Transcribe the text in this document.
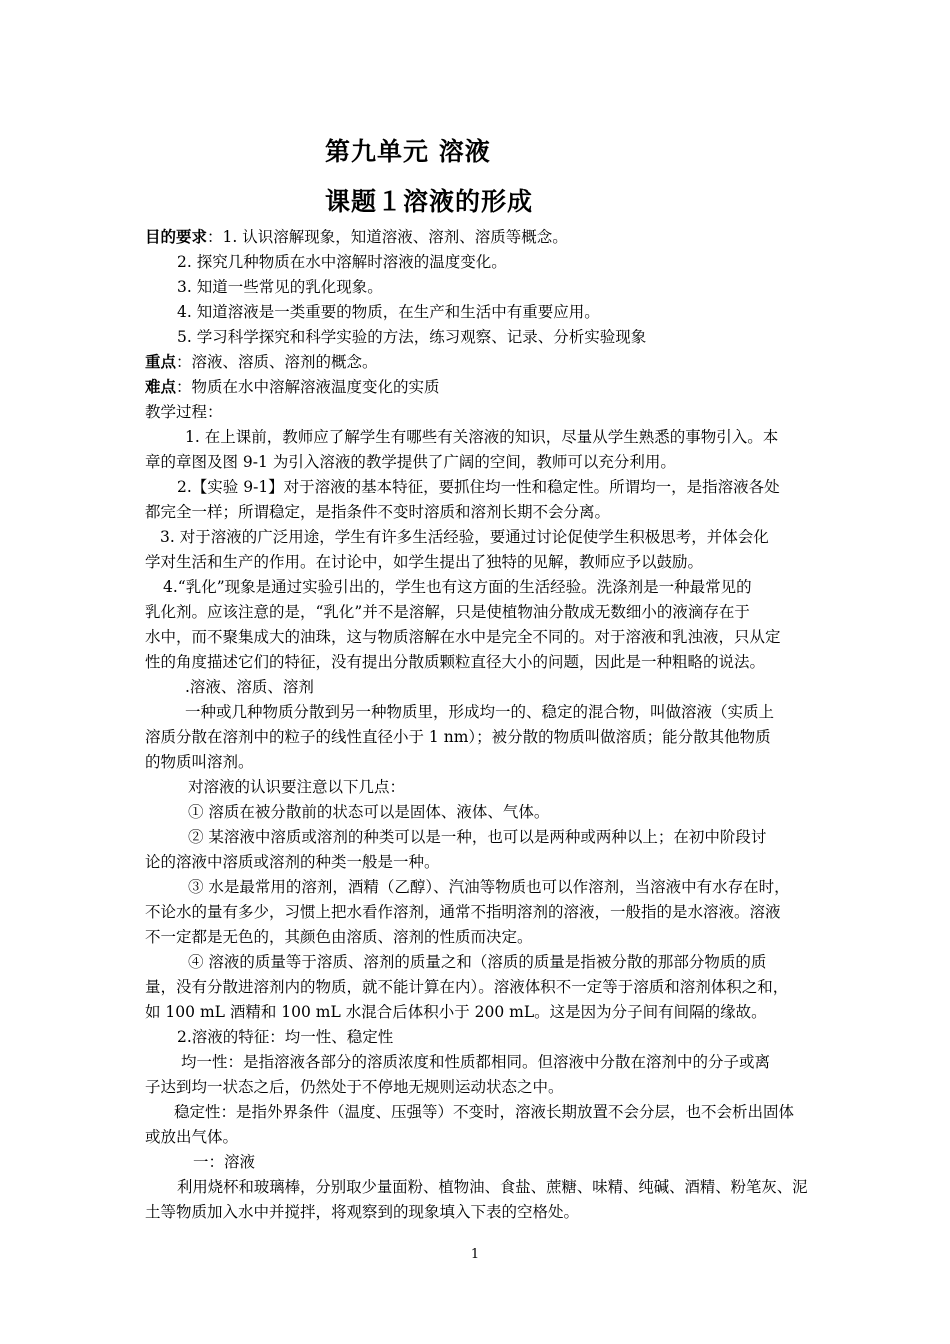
第九单元 溶液
课题１溶液的形成
目的要求：1. 认识溶解现象，知道溶液、溶剂、溶质等概念。
2. 探究几种物质在水中溶解时溶液的温度变化。
3. 知道一些常见的乳化现象。
4. 知道溶液是一类重要的物质，在生产和生活中有重要应用。
5. 学习科学探究和科学实验的方法，练习观察、记录、分析实验现象
重点：溶液、溶质、溶剂的概念。
难点：物质在水中溶解溶液温度变化的实质
教学过程：
1. 在上课前，教师应了解学生有哪些有关溶液的知识，尽量从学生熟悉的事物引入。本
章的章图及图 9-1 为引入溶液的教学提供了广阔的空间，教师可以充分利用。
2.【实验 9-1】对于溶液的基本特征，要抓住均一性和稳定性。所谓均一，是指溶液各处
都完全一样；所谓稳定，是指条件不变时溶质和溶剂长期不会分离。
3. 对于溶液的广泛用途，学生有许多生活经验，要通过讨论促使学生积极思考，并体会化
学对生活和生产的作用。在讨论中，如学生提出了独特的见解，教师应予以鼓励。
4.“乳化”现象是通过实验引出的，学生也有这方面的生活经验。洗涤剂是一种最常见的
乳化剂。应该注意的是，“乳化”并不是溶解，只是使植物油分散成无数细小的液滴存在于
水中，而不聚集成大的油珠，这与物质溶解在水中是完全不同的。对于溶液和乳浊液，只从定
性的角度描述它们的特征，没有提出分散质颗粒直径大小的问题，因此是一种粗略的说法。
.溶液、溶质、溶剂
一种或几种物质分散到另一种物质里，形成均一的、稳定的混合物，叫做溶液（实质上
溶质分散在溶剂中的粒子的线性直径小于 1 nm）；被分散的物质叫做溶质；能分散其他物质
的物质叫溶剂。
对溶液的认识要注意以下几点：
① 溶质在被分散前的状态可以是固体、液体、气体。
② 某溶液中溶质或溶剂的种类可以是一种，也可以是两种或两种以上；在初中阶段讨
论的溶液中溶质或溶剂的种类一般是一种。
③ 水是最常用的溶剂，酒精（乙醇）、汽油等物质也可以作溶剂，当溶液中有水存在时，
不论水的量有多少，习惯上把水看作溶剂，通常不指明溶剂的溶液，一般指的是水溶液。溶液
不一定都是无色的，其颜色由溶质、溶剂的性质而决定。
④ 溶液的质量等于溶质、溶剂的质量之和（溶质的质量是指被分散的那部分物质的质
量，没有分散进溶剂内的物质，就不能计算在内）。溶液体积不一定等于溶质和溶剂体积之和，
如 100 mL 酒精和 100 mL 水混合后体积小于 200 mL。这是因为分子间有间隔的缘故。
2.溶液的特征：均一性、稳定性
均一性：是指溶液各部分的溶质浓度和性质都相同。但溶液中分散在溶剂中的分子或离
子达到均一状态之后，仍然处于不停地无规则运动状态之中。
稳定性：是指外界条件（温度、压强等）不变时，溶液长期放置不会分层，也不会析出固体
或放出气体。
一：溶液
利用烧杯和玻璃棒，分别取少量面粉、植物油、食盐、蔗糖、味精、纯碱、酒精、粉笔灰、泥
土等物质加入水中并搅拌，将观察到的现象填入下表的空格处。
1
